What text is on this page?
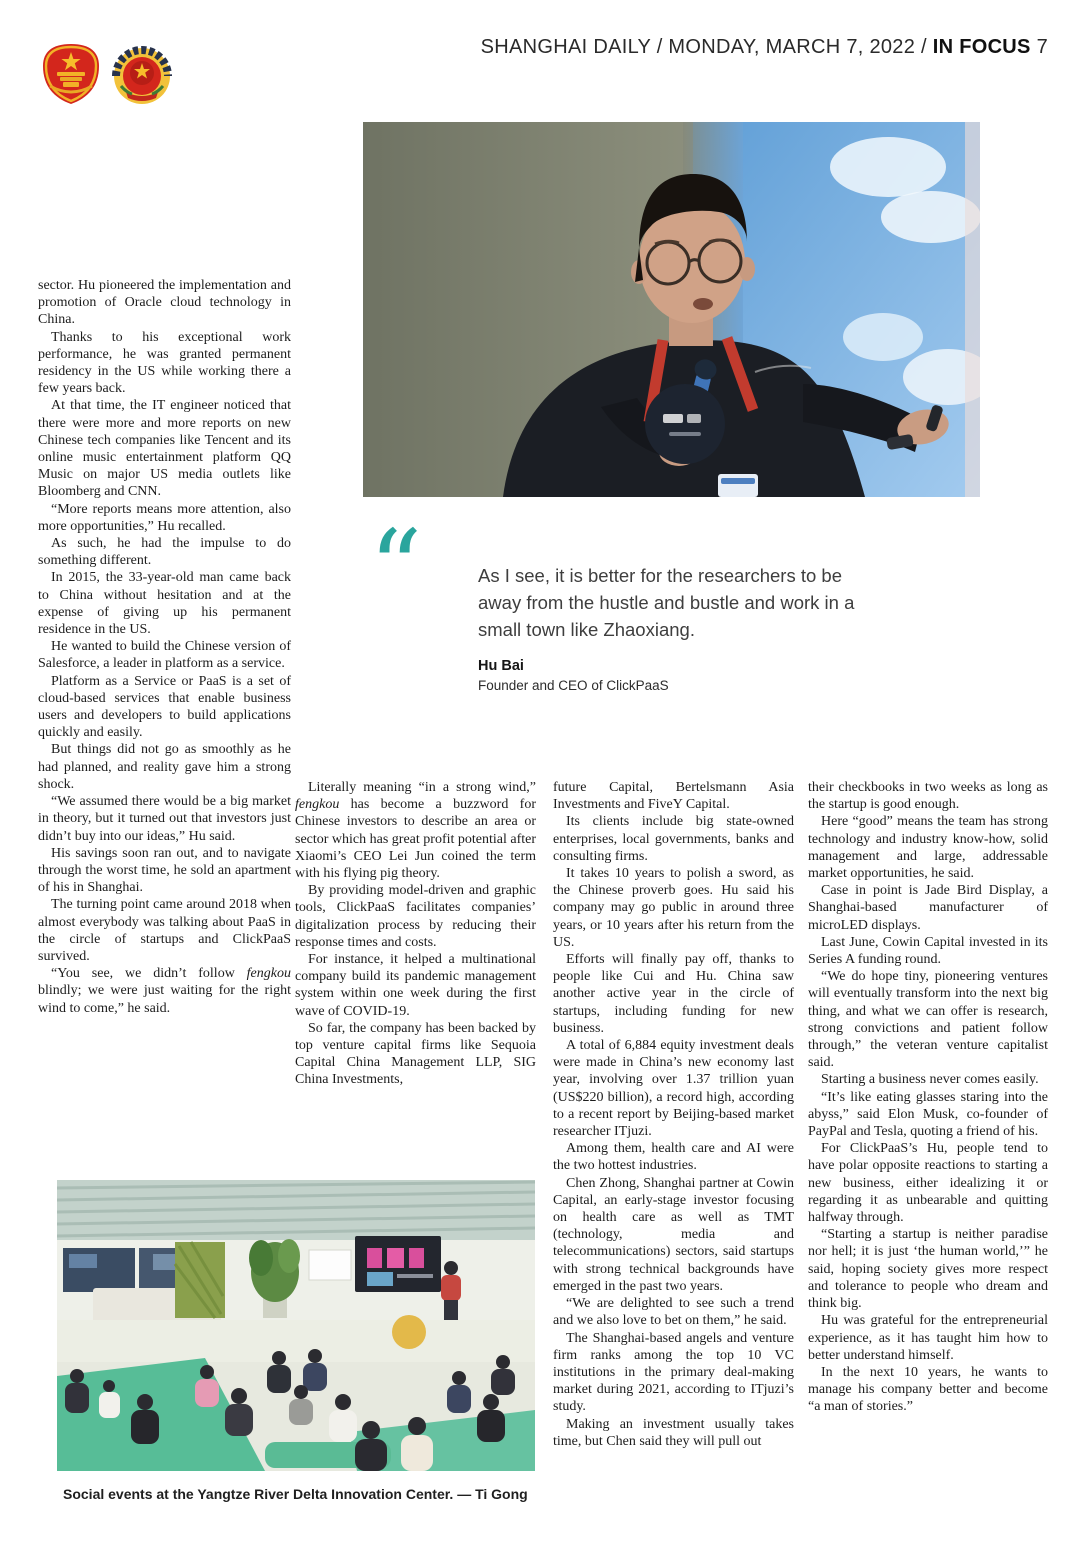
SHANGHAI DAILY / MONDAY, MARCH 7, 2022 / IN FOCUS 7
“	As I see, it is better for the researchers to be away from the hustle and bustle and work in a small town like Zhaoxiang.
Hu Bai
Founder and CEO of ClickPaaS

sector. Hu pioneered the implementation and promotion of Oracle cloud technology in China.

Thanks to his exceptional work performance, he was granted permanent residency in the US while working there a few years back.

At that time, the IT engineer noticed that there were more and more reports on new Chinese tech companies like Tencent and its online music entertainment platform QQ Music on major US media outlets like Bloomberg and CNN.

“More reports means more attention, also more opportunities,” Hu recalled.

As such, he had the impulse to do something different.

In 2015, the 33-year-old man came back to China without hesitation and at the expense of giving up his permanent residence in the US.

He wanted to build the Chinese version of Salesforce, a leader in platform as a service.

Platform as a Service or PaaS is a set of cloud-based services that enable business users and developers to build applications quickly and easily.

But things did not go as smoothly as he had planned, and reality gave him a strong shock.

“We assumed there would be a big market in theory, but it turned out that investors just didn’t buy into our ideas,” Hu said.

His savings soon ran out, and to navigate through the worst time, he sold an apartment of his in Shanghai.

The turning point came around 2018 when almost everybody was talking about PaaS in the circle of startups and ClickPaaS survived.

“You see, we didn’t follow fengkou blindly; we were just waiting for the right wind to come,” he said.

Literally meaning “in a strong wind,” fengkou has become a buzzword for Chinese investors to describe an area or sector which has great profit potential after Xiaomi’s CEO Lei Jun coined the term with his flying pig theory.

By providing model-driven and graphic tools, ClickPaaS facilitates companies’ digitalization process by reducing their response times and costs.

For instance, it helped a multinational company build its pandemic management system within one week during the first wave of COVID-19.

So far, the company has been backed by top venture capital firms like Sequoia Capital China Management LLP, SIG China Investments,

future Capital, Bertelsmann Asia Investments and FiveY Capital.

Its clients include big state-owned enterprises, local governments, banks and consulting firms.

It takes 10 years to polish a sword, as the Chinese proverb goes. Hu said his company may go public in around three years, or 10 years after his return from the US.

Efforts will finally pay off, thanks to people like Cui and Hu. China saw another active year in the circle of startups, including funding for new business.

A total of 6,884 equity investment deals were made in China’s new economy last year, involving over 1.37 trillion yuan (US$220 billion), a record high, according to a recent report by Beijing-based market researcher ITjuzi.

Among them, health care and AI were the two hottest industries.

Chen Zhong, Shanghai partner at Cowin Capital, an early-stage investor focusing on health care as well as TMT (technology, media and telecommunications) sectors, said startups with strong technical backgrounds have emerged in the past two years.

“We are delighted to see such a trend and we also love to bet on them,” he said.

The Shanghai-based angels and venture firm ranks among the top 10 VC institutions in the primary deal-making market during 2021, according to ITjuzi’s study.

Making an investment usually takes time, but Chen said they will pull out

their checkbooks in two weeks as long as the startup is good enough.

Here “good” means the team has strong technology and industry know-how, solid management and large, addressable market opportunities, he said.

Case in point is Jade Bird Display, a Shanghai-based manufacturer of microLED displays.

Last June, Cowin Capital invested in its Series A funding round.

“We do hope tiny, pioneering ventures will eventually transform into the next big thing, and what we can offer is research, strong convictions and patient follow through,” the veteran venture capitalist said.

Starting a business never comes easily.

“It’s like eating glasses staring into the abyss,” said Elon Musk, co-founder of PayPal and Tesla, quoting a friend of his.

For ClickPaaS’s Hu, people tend to have polar opposite reactions to starting a new business, either idealizing it or regarding it as unbearable and quitting halfway through.

“Starting a startup is neither paradise nor hell; it is just ‘the human world,’” he said, hoping society gives more respect and tolerance to people who dream and think big.

Hu was grateful for the entrepreneurial experience, as it has taught him how to better understand himself.

In the next 10 years, he wants to manage his company better and become “a man of stories.”

Social events at the Yangtze River Delta Innovation Center. — Ti Gong
